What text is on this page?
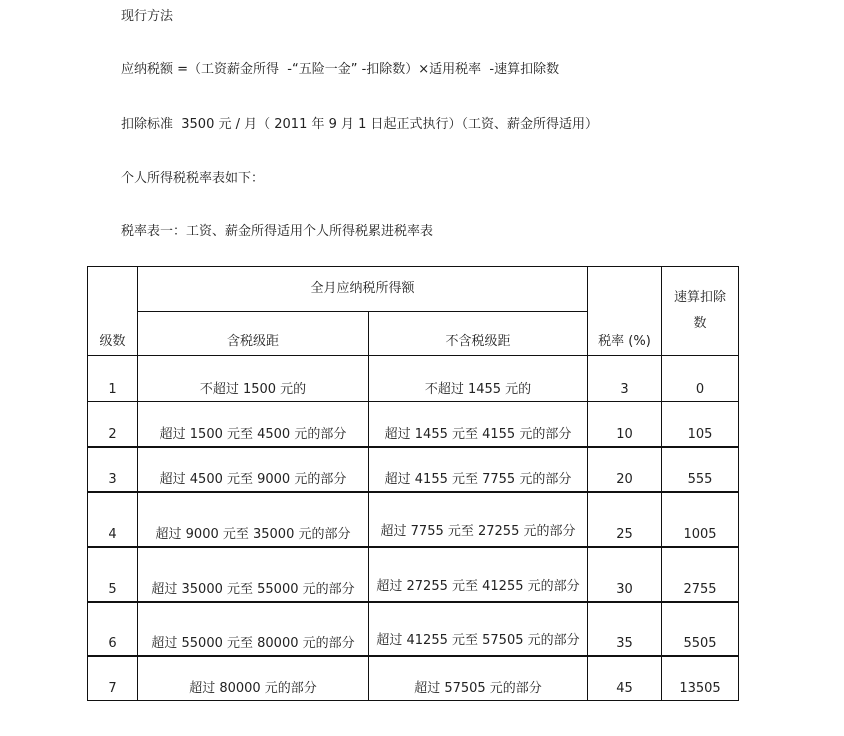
现行方法
应纳税额 =（工资薪金所得  -“五险一金” -扣除数）×适用税率  -速算扣除数
扣除标准  3500 元 / 月（ 2011 年 9 月 1 日起正式执行）（工资、薪金所得适用）
个人所得税税率表如下：
税率表一：工资、薪金所得适用个人所得税累进税率表
级数	全月应纳税所得额		税率 (%)	速算扣除数

	含税级距	不含税级距		

1	不超过 1500 元的	不超过 1455 元的	3	0
2	超过 1500 元至 4500 元的部分	超过 1455 元至 4155 元的部分	10	105
3	超过 4500 元至 9000 元的部分	超过 4155 元至 7755 元的部分	20	555
4	超过 9000 元至 35000 元的部分	超过 7755 元至 27255 元的部分	25	1005
5	超过 35000 元至 55000 元的部分	超过 27255 元至 41255 元的部分	30	2755
6	超过 55000 元至 80000 元的部分	超过 41255 元至 57505 元的部分	35	5505
7	超过 80000 元的部分	超过 57505 元的部分	45	13505
